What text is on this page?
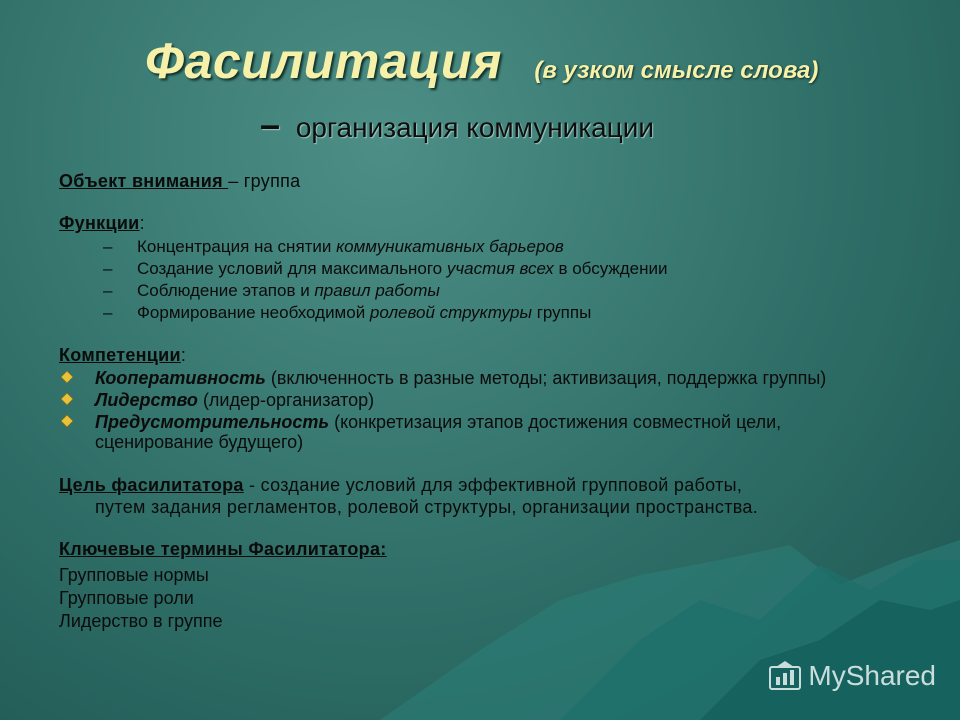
Фасилитация (в узком смысле слова)
– организация коммуникации

Объект внимания – группа

Функции:

– Концентрация на снятии коммуникативных барьеров
– Создание условий для максимального участия всех в обсуждении
– Соблюдение этапов и правил работы
– Формирование необходимой ролевой структуры группы

Компетенции:

Кооперативность (включенность в разные методы; активизация, поддержка группы)
Лидерство (лидер-организатор)
Предусмотрительность (конкретизация этапов достижения совместной цели, сценирование будущего)

Цель фасилитатора - создание условий для эффективной групповой работы,

путем задания регламентов, ролевой структуры, организации пространства.

Ключевые термины Фасилитатора:

Групповые нормы

Групповые роли

Лидерство в группе

MyShared
